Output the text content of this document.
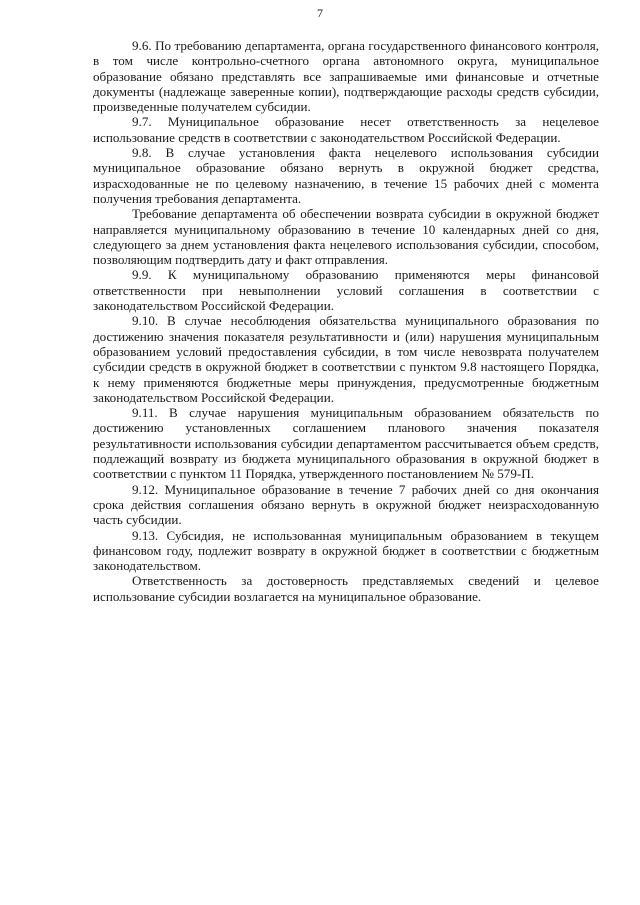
7

9.6. По требованию департамента, органа государственного финансового контроля, в том числе контрольно-счетного органа автономного округа, муниципальное образование обязано представлять все запрашиваемые ими финансовые и отчетные документы (надлежаще заверенные копии), подтверждающие расходы средств субсидии, произведенные получателем субсидии.

9.7. Муниципальное образование несет ответственность за нецелевое использование средств в соответствии с законодательством Российской Федерации.

9.8. В случае установления факта нецелевого использования субсидии муниципальное образование обязано вернуть в окружной бюджет средства, израсходованные не по целевому назначению, в течение 15 рабочих дней с момента получения требования департамента.

Требование департамента об обеспечении возврата субсидии в окружной бюджет направляется муниципальному образованию в течение 10 календарных дней со дня, следующего за днем установления факта нецелевого использования субсидии, способом, позволяющим подтвердить дату и факт отправления.

9.9. К муниципальному образованию применяются меры финансовой ответственности при невыполнении условий соглашения в соответствии с законодательством Российской Федерации.

9.10. В случае несоблюдения обязательства муниципального образования по достижению значения показателя результативности и (или) нарушения муниципальным образованием условий предоставления субсидии, в том числе невозврата получателем субсидии средств в окружной бюджет в соответствии с пунктом 9.8 настоящего Порядка, к нему применяются бюджетные меры принуждения, предусмотренные бюджетным законодательством Российской Федерации.

9.11. В случае нарушения муниципальным образованием обязательств по достижению установленных соглашением планового значения показателя результативности использования субсидии департаментом рассчитывается объем средств, подлежащий возврату из бюджета муниципального образования в окружной бюджет в соответствии с пунктом 11 Порядка, утвержденного постановлением № 579-П.

9.12. Муниципальное образование в течение 7 рабочих дней со дня окончания срока действия соглашения обязано вернуть в окружной бюджет неизрасходованную часть субсидии.

9.13. Субсидия, не использованная муниципальным образованием в текущем финансовом году, подлежит возврату в окружной бюджет в соответствии с бюджетным законодательством.

Ответственность за достоверность представляемых сведений и целевое использование субсидии возлагается на муниципальное образование.
